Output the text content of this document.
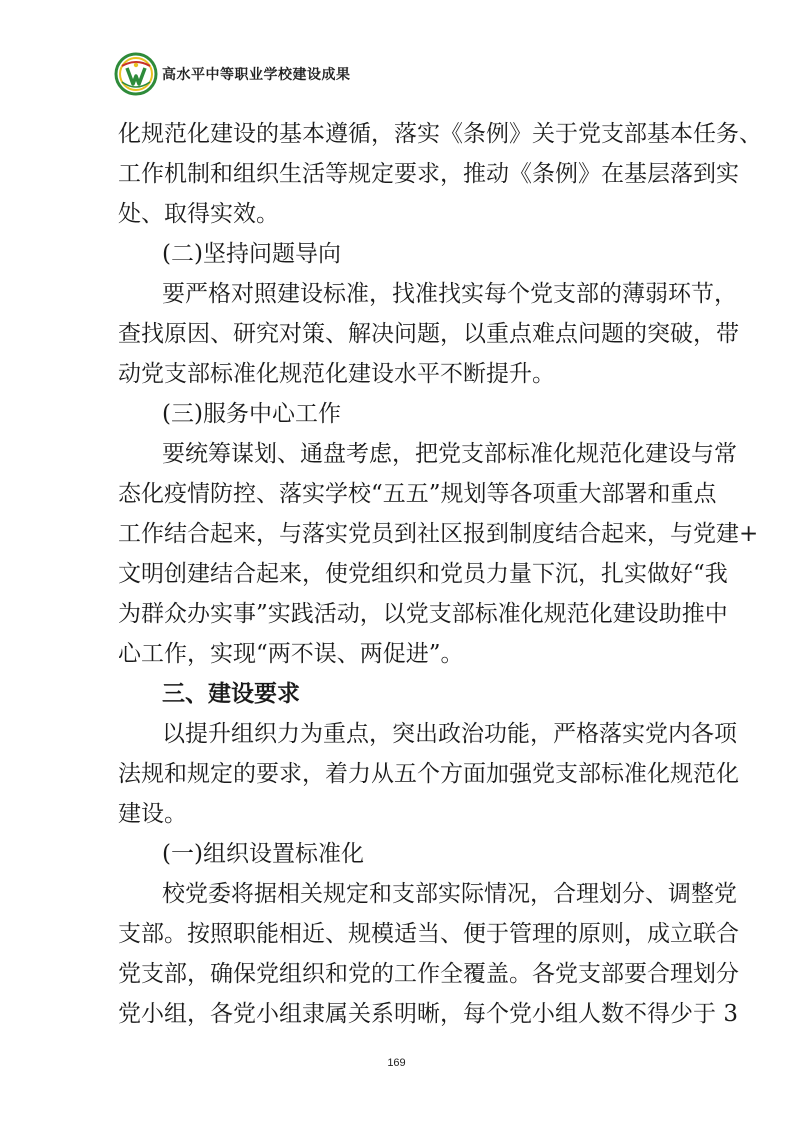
高水平中等职业学校建设成果
化 规 范 化 建 设 的 基 本 遵 循 ， 落 实 《 条 例 》 关 于 党 支 部 基 本 任 务 、
工 作 机 制 和 组 织 生 活 等 规 定 要 求 ， 推 动 《 条 例 》 在 基 层 落 到 实
处、取得实效。
(二)坚持问题导向
要 严 格 对 照 建 设 标 准 ， 找 准 找 实 每 个 党 支 部 的 薄 弱 环 节 ，
查 找 原 因 、 研 究 对 策 、 解 决 问 题 ， 以 重 点 难 点 问 题 的 突 破 ， 带
动党支部标准化规范化建设水平不断提升。
(三)服务中心工作
要 统 筹 谋 划 、 通 盘 考 虑 ， 把 党 支 部 标 准 化 规 范 化 建 设 与 常
态 化 疫 情 防 控 、 落 实 学 校 “ 五 五 ” 规 划 等 各 项 重 大 部 署 和 重 点
工 作 结 合 起 来 ， 与 落 实 党 员 到 社 区 报 到 制 度 结 合 起 来 ， 与 党 建 +
文 明 创 建 结 合 起 来 ， 使 党 组 织 和 党 员 力 量 下 沉 ， 扎 实 做 好 “ 我
为 群 众 办 实 事 ” 实 践 活 动 ， 以 党 支 部 标 准 化 规 范 化 建 设 助 推 中
心工作，实现“两不误、两促进”。
三、建设要求
以 提 升 组 织 力 为 重 点 ， 突 出 政 治 功 能 ， 严 格 落 实 党 内 各 项
法 规 和 规 定 的 要 求 ， 着 力 从 五 个 方 面 加 强 党 支 部 标 准 化 规 范 化
建设。
(一)组织设置标准化
校 党 委 将 据 相 关 规 定 和 支 部 实 际 情 况 ， 合 理 划 分 、 调 整 党
支 部 。 按 照 职 能 相 近 、 规 模 适 当 、 便 于 管 理 的 原 则 ， 成 立 联 合
党 支 部 ， 确 保 党 组 织 和 党 的 工 作 全 覆 盖 。 各 党 支 部 要 合 理 划 分
党 小 组 ， 各 党 小 组 隶 属 关 系 明 晰 ， 每 个 党 小 组 人 数 不 得 少 于
3
169
